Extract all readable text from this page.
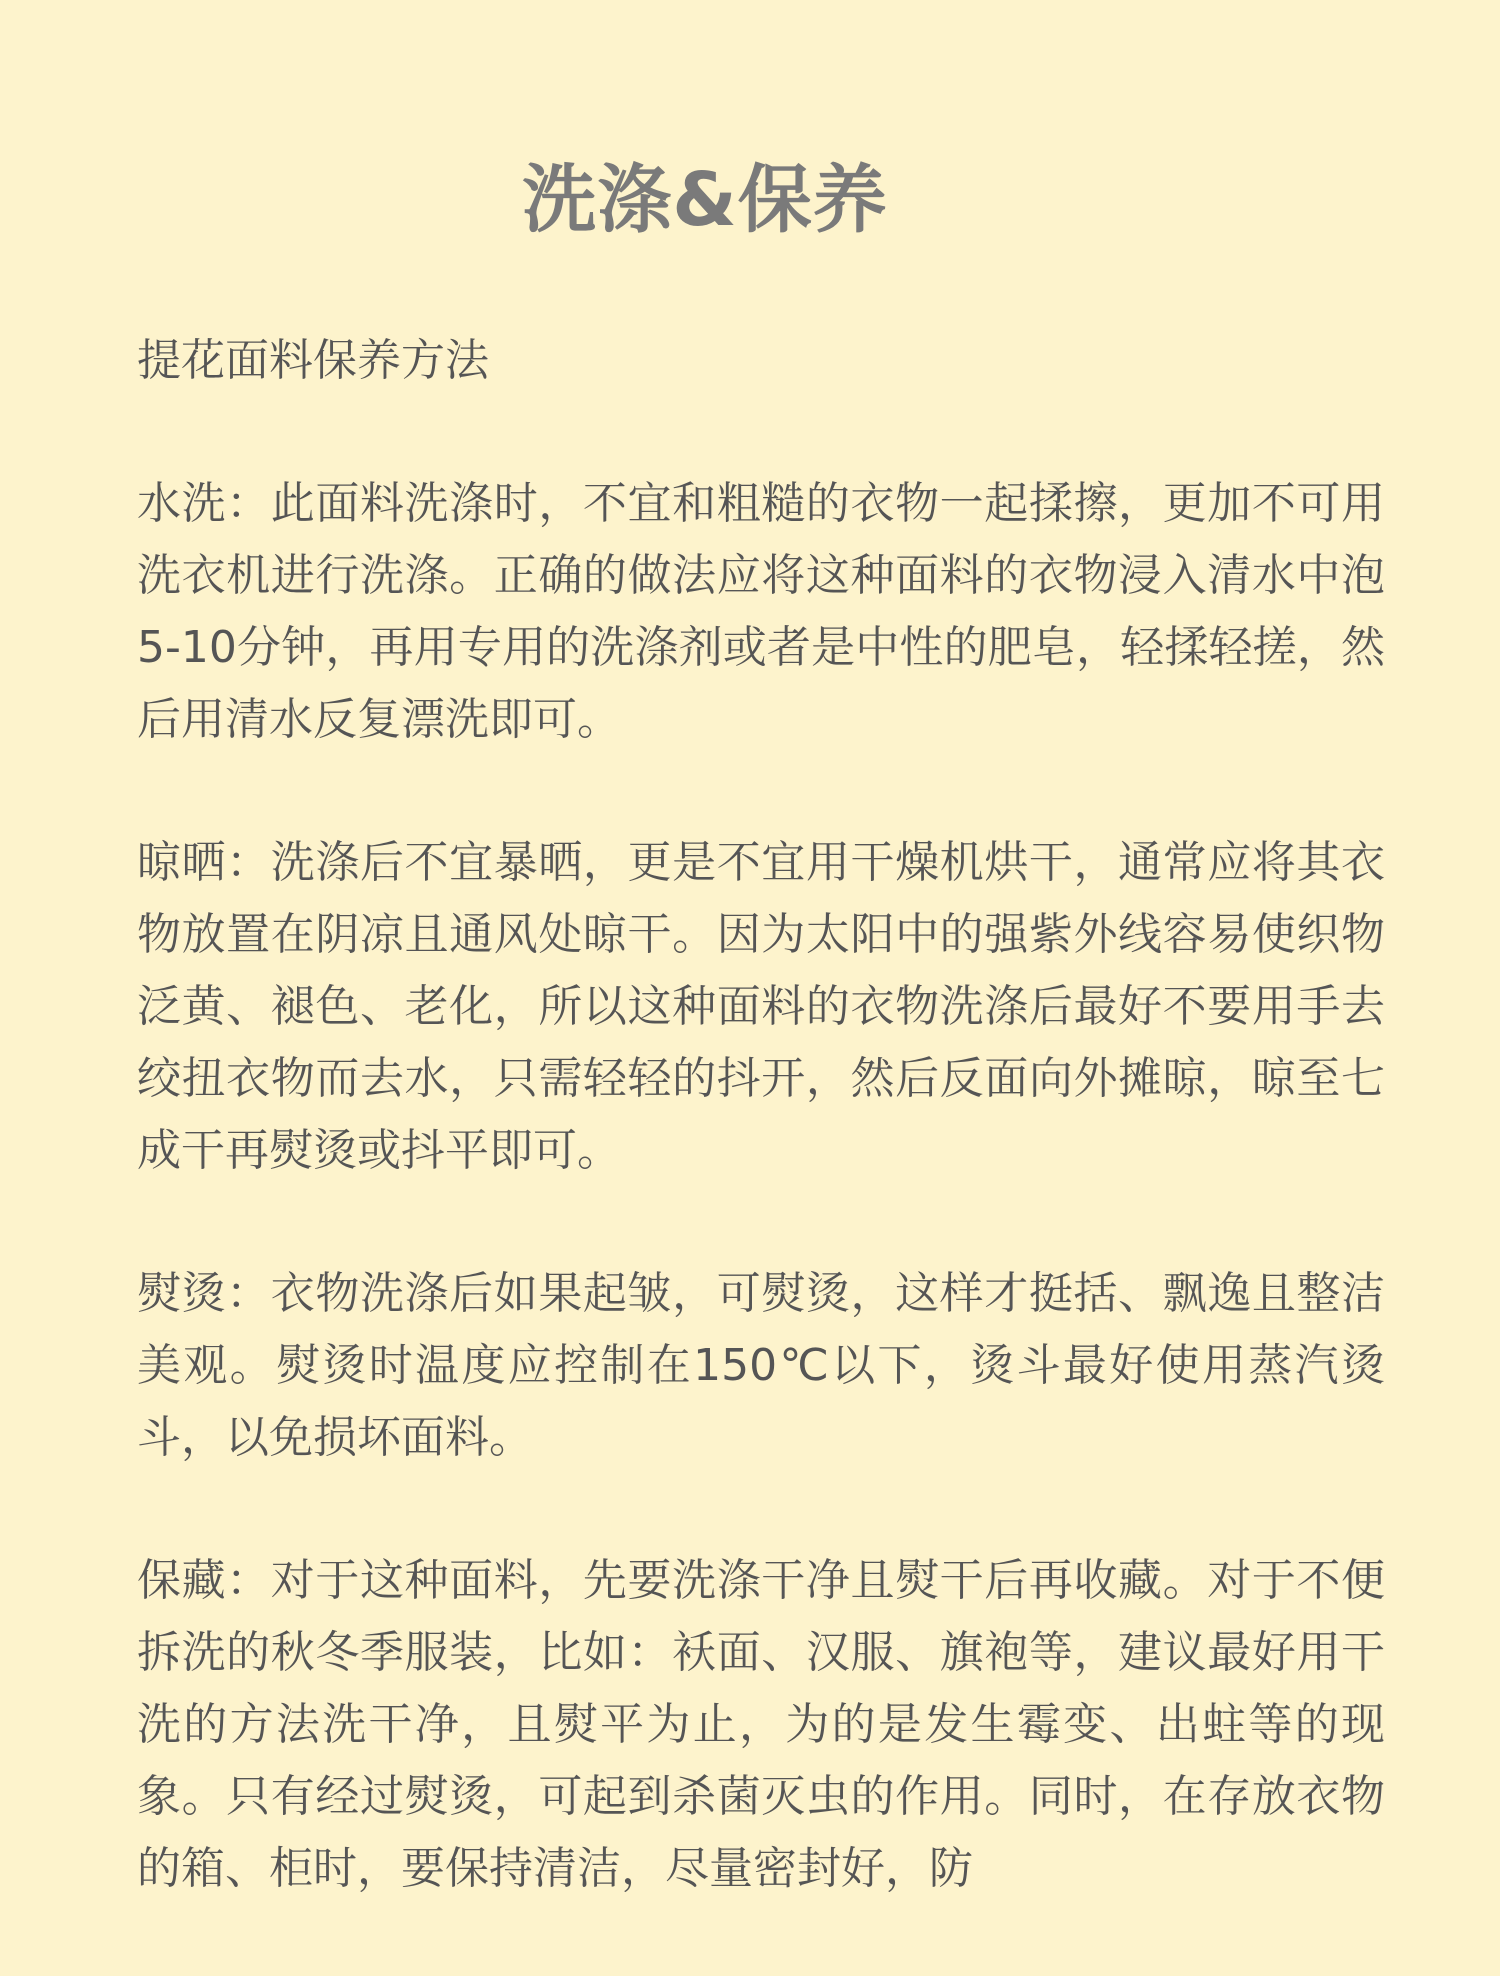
洗涤&保养

提花面料保养方法

水洗：此面料洗涤时，不宜和粗糙的衣物一起揉擦，更加不可用洗衣机进行洗涤。正确的做法应将这种面料的衣物浸入清水中泡5-10分钟，再用专用的洗涤剂或者是中性的肥皂，轻揉轻搓，然后用清水反复漂洗即可。

晾晒：洗涤后不宜暴晒，更是不宜用干燥机烘干，通常应将其衣物放置在阴凉且通风处晾干。因为太阳中的强紫外线容易使织物泛黄、褪色、老化，所以这种面料的衣物洗涤后最好不要用手去绞扭衣物而去水，只需轻轻的抖开，然后反面向外摊晾，晾至七成干再熨烫或抖平即可。

熨烫：衣物洗涤后如果起皱，可熨烫，这样才挺括、飘逸且整洁美观。熨烫时温度应控制在150℃以下，烫斗最好使用蒸汽烫斗，以免损坏面料。

保藏：对于这种面料，先要洗涤干净且熨干后再收藏。对于不便拆洗的秋冬季服装，比如：袄面、汉服、旗袍等，建议最好用干洗的方法洗干净，且熨平为止，为的是发生霉变、出蛀等的现象。只有经过熨烫，可起到杀菌灭虫的作用。同时，在存放衣物的箱、柜时，要保持清洁，尽量密封好，防
